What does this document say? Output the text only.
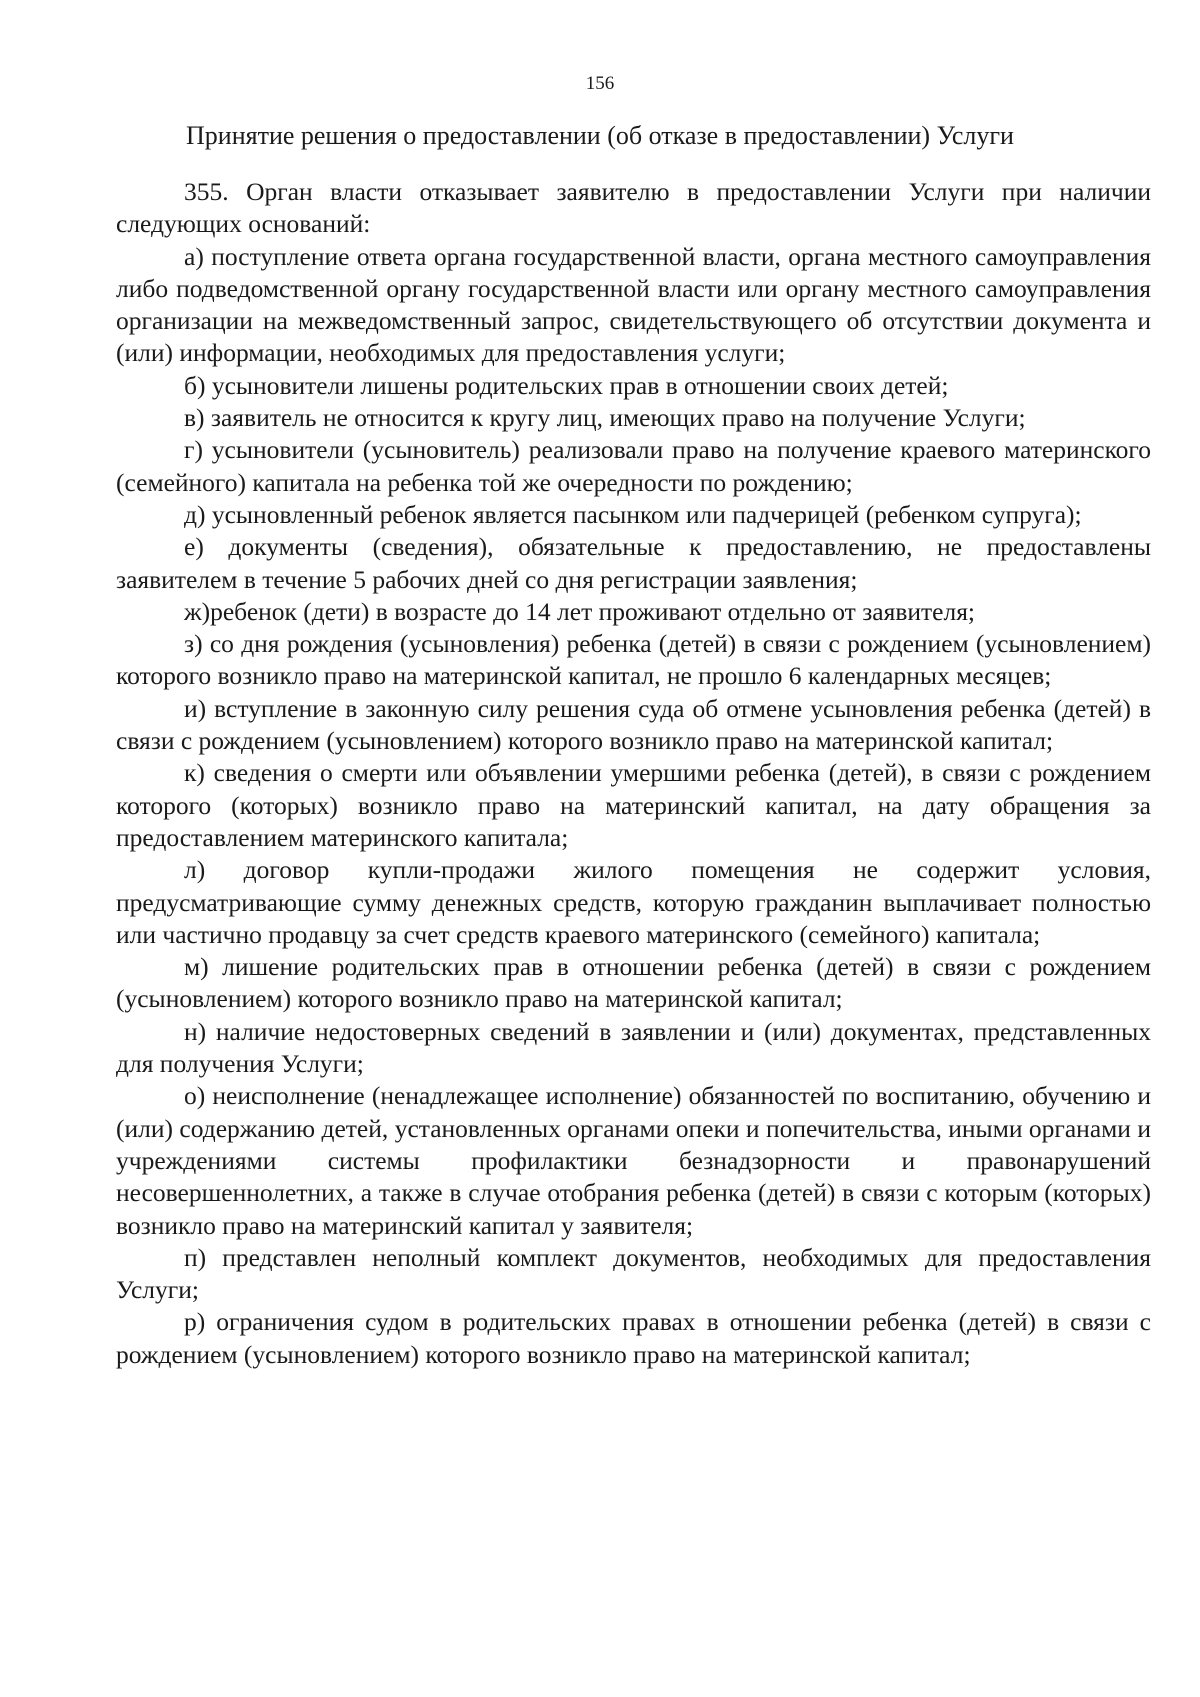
156
Принятие решения о предоставлении (об отказе в предоставлении) Услуги

355. Орган власти отказывает заявителю в предоставлении Услуги при наличии следующих оснований:

а) поступление ответа органа государственной власти, органа местного самоуправления либо подведомственной органу государственной власти или органу местного самоуправления организации на межведомственный запрос, свидетельствующего об отсутствии документа и (или) информации, необходимых для предоставления услуги;

б) усыновители лишены родительских прав в отношении своих детей;

в) заявитель не относится к кругу лиц, имеющих право на получение Услуги;

г) усыновители (усыновитель) реализовали право на получение краевого материнского (семейного) капитала на ребенка той же очередности по рождению;

д) усыновленный ребенок является пасынком или падчерицей (ребенком супруга);

е) документы (сведения), обязательные к предоставлению, не предоставлены заявителем в течение 5 рабочих дней со дня регистрации заявления;

ж)ребенок (дети) в возрасте до 14 лет проживают отдельно от заявителя;

з) со дня рождения (усыновления) ребенка (детей) в связи с рождением (усыновлением) которого возникло право на материнской капитал, не прошло 6 календарных месяцев;

и) вступление в законную силу решения суда об отмене усыновления ребенка (детей) в связи с рождением (усыновлением) которого возникло право на материнской капитал;

к) сведения о смерти или объявлении умершими ребенка (детей), в связи с рождением которого (которых) возникло право на материнский капитал, на дату обращения за предоставлением материнского капитала;

л) договор купли-продажи жилого помещения не содержит условия, предусматривающие сумму денежных средств, которую гражданин выплачивает полностью или частично продавцу за счет средств краевого материнского (семейного) капитала;

м) лишение родительских прав в отношении ребенка (детей) в связи с рождением (усыновлением) которого возникло право на материнской капитал;

н) наличие недостоверных сведений в заявлении и (или) документах, представленных для получения Услуги;

о) неисполнение (ненадлежащее исполнение) обязанностей по воспитанию, обучению и (или) содержанию детей, установленных органами опеки и попечительства, иными органами и учреждениями системы профилактики безнадзорности и правонарушений несовершеннолетних, а также в случае отобрания ребенка (детей) в связи с которым (которых) возникло право на материнский капитал у заявителя;

п) представлен неполный комплект документов, необходимых для предоставления Услуги;

р) ограничения судом в родительских правах в отношении ребенка (детей) в связи с рождением (усыновлением) которого возникло право на материнской капитал;
